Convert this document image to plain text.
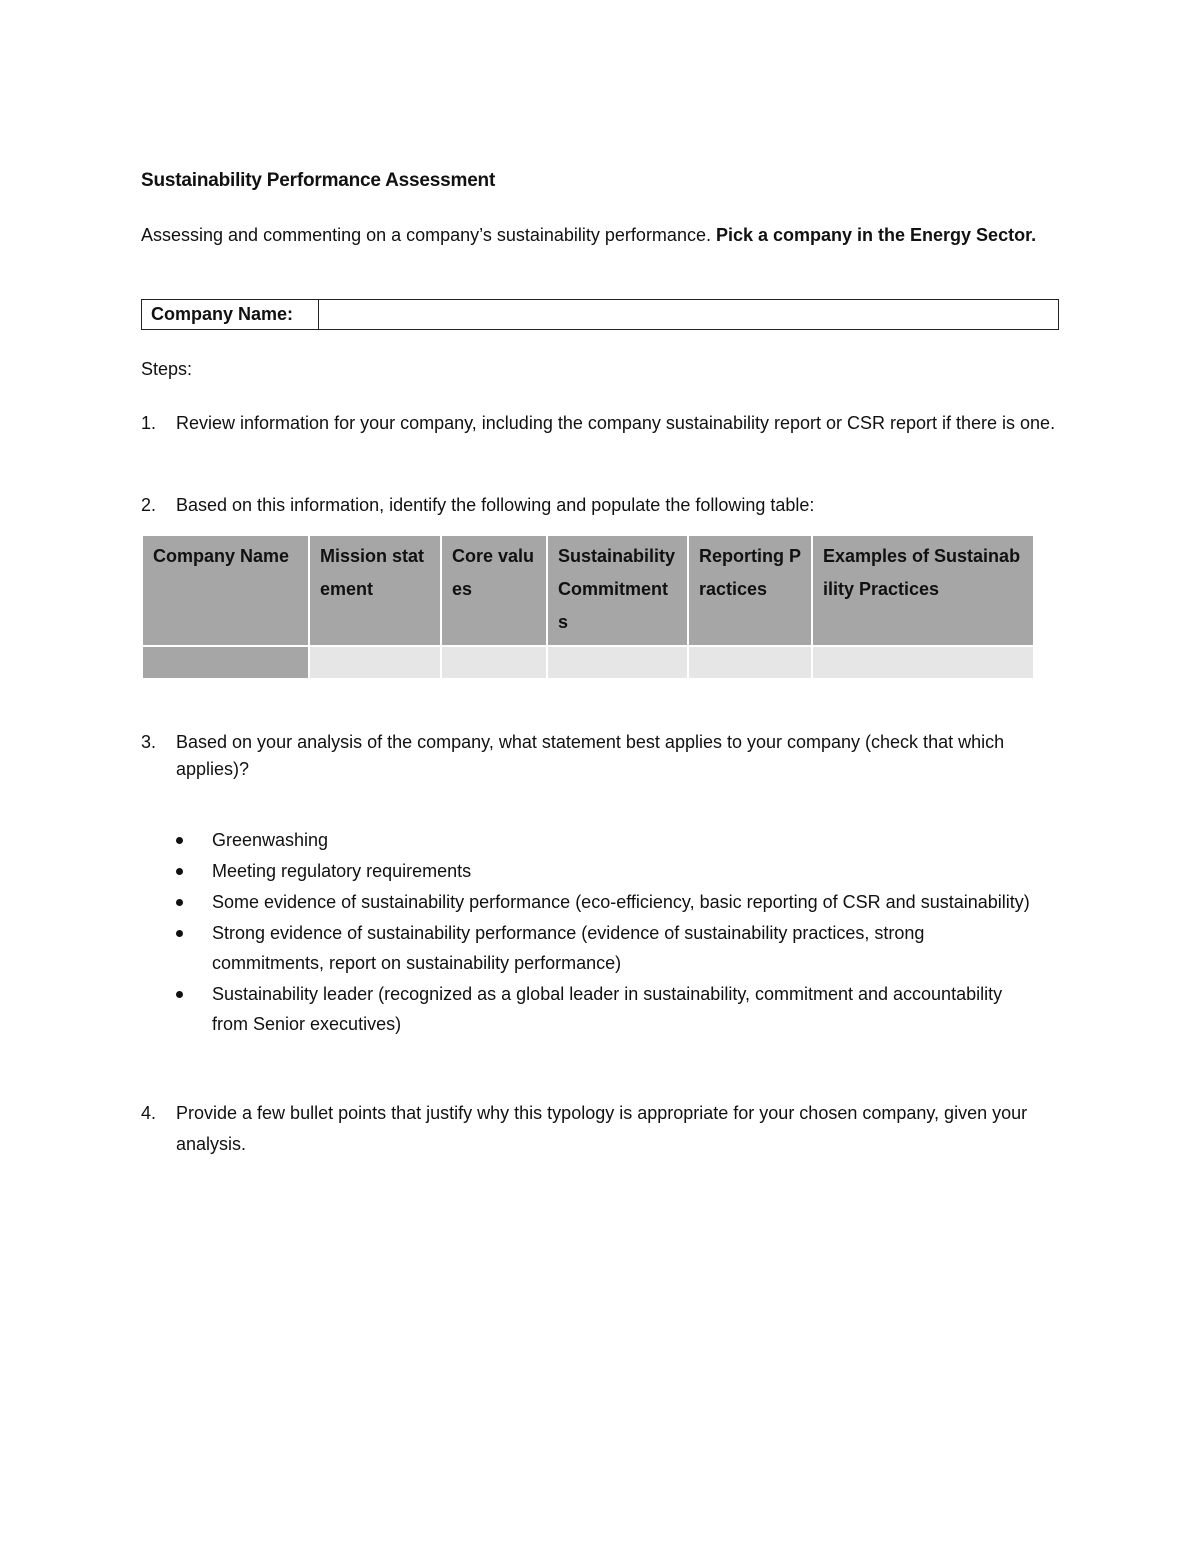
Sustainability Performance Assessment
Assessing and commenting on a company’s sustainability performance. Pick a company in the Energy Sector.
Company Name:
Steps:
1.	Review information for your company, including the company sustainability report or CSR report if there is one.
2.	Based on this information, identify the following and populate the following table:
Company Name	Mission statement	Core values	Sustainability Commitments	Reporting Practices	Examples of Sustainability Practices

3.	Based on your analysis of the company, what statement best applies to your company (check that which applies)?
Greenwashing
Meeting regulatory requirements
Some evidence of sustainability performance (eco-efficiency, basic reporting of CSR and sustainability)
Strong evidence of sustainability performance (evidence of sustainability practices, strong commitments, report on sustainability performance)
Sustainability leader (recognized as a global leader in sustainability, commitment and accountability from Senior executives)
4.	Provide a few bullet points that justify why this typology is appropriate for your chosen company, given your analysis.
